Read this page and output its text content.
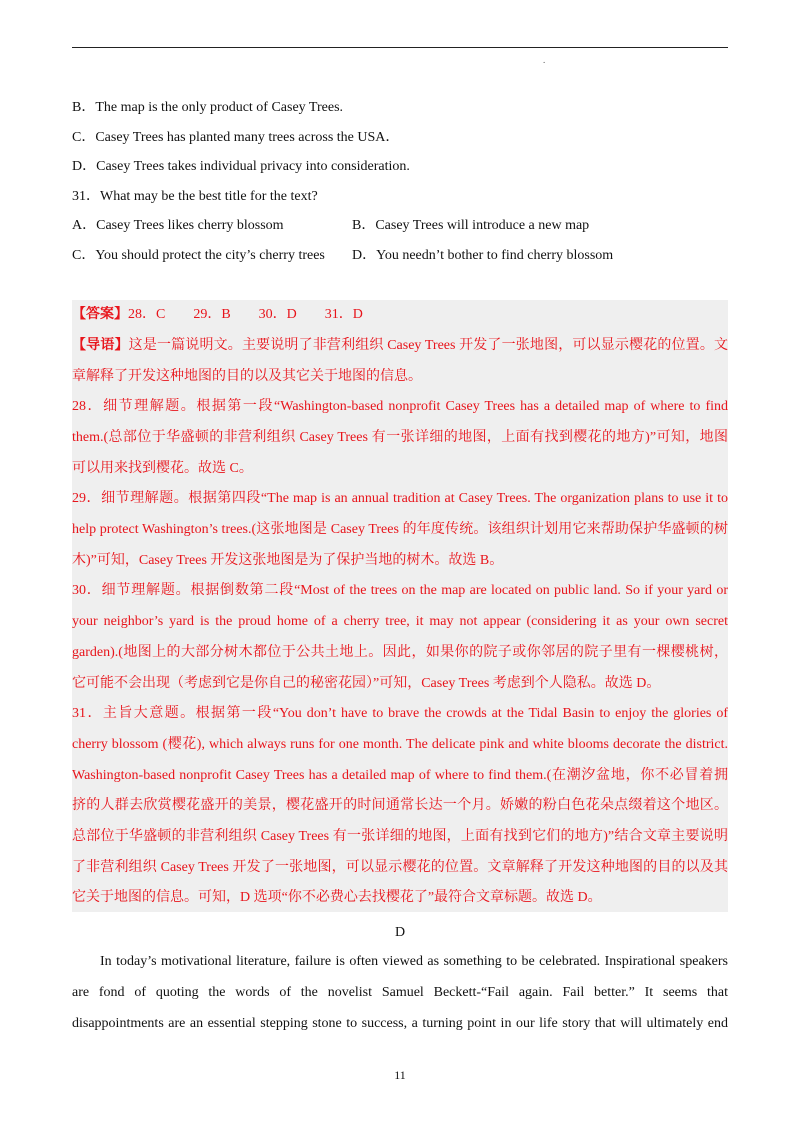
.
B．The map is the only product of Casey Trees.
C．Casey Trees has planted many trees across the USA．
D．Casey Trees takes individual privacy into consideration.
31．What may be the best title for the text?
A．Casey Trees likes cherry blossom	B．Casey Trees will introduce a new map
C．You should protect the city’s cherry trees D．You needn’t bother to find cherry blossom
【答案】28．C　　29．B　　30．D　　31．D
【导语】这是一篇说明文。主要说明了非营利组织 Casey Trees 开发了一张地图，可以显示樱花的位置。文
章解释了开发这种地图的目的以及其它关于地图的信息。
28．细节理解题。根据第一段“Washington-based nonprofit Casey Trees has a detailed map of where to find
them.(总部位于华盛顿的非营利组织 Casey Trees 有一张详细的地图，上面有找到樱花的地方)”可知，地图
可以用来找到樱花。故选 C。
29．细节理解题。根据第四段“The map is an annual tradition at Casey Trees. The organization plans to use it to
help protect Washington’s trees.(这张地图是 Casey Trees 的年度传统。该组织计划用它来帮助保护华盛顿的树
木)”可知，Casey Trees 开发这张地图是为了保护当地的树木。故选 B。
30．细节理解题。根据倒数第二段“Most of the trees on the map are located on public land. So if your yard or
your neighbor’s yard is the proud home of a cherry tree, it may not appear (considering it as your own secret
garden).(地图上的大部分树木都位于公共土地上。因此，如果你的院子或你邻居的院子里有一棵樱桃树，
它可能不会出现（考虑到它是你自己的秘密花园）”可知，Casey Trees 考虑到个人隐私。故选 D。
31．主旨大意题。根据第一段“You don’t have to brave the crowds at the Tidal Basin to enjoy the glories of
cherry blossom (樱花), which always runs for one month. The delicate pink and white blooms decorate the district.
Washington-based nonprofit Casey Trees has a detailed map of where to find them.(在潮汐盆地，你不必冒着拥
挤的人群去欣赏樱花盛开的美景，樱花盛开的时间通常长达一个月。娇嫩的粉白色花朵点缀着这个地区。
总部位于华盛顿的非营利组织 Casey Trees 有一张详细的地图，上面有找到它们的地方)”结合文章主要说明
了非营利组织 Casey Trees 开发了一张地图，可以显示樱花的位置。文章解释了开发这种地图的目的以及其
它关于地图的信息。可知，D 选项“你不必费心去找樱花了”最符合文章标题。故选 D。
D
In today’s motivational literature, failure is often viewed as something to be celebrated. Inspirational speakers
are fond of quoting the words of the novelist Samuel Beckett-“Fail again. Fail better.” It seems that
disappointments are an essential stepping stone to success, a turning point in our life story that will ultimately end
11
